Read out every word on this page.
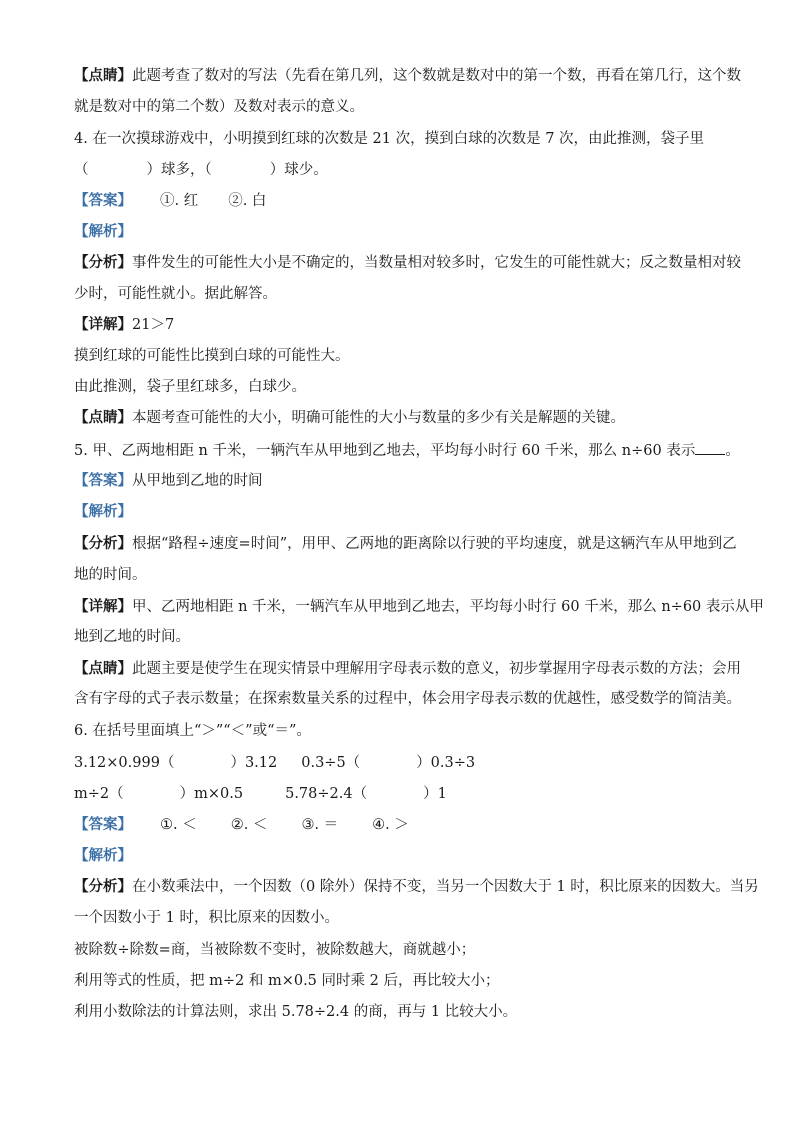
【点睛】此题考查了数对的写法（先看在第几列，这个数就是数对中的第一个数，再看在第几行，这个数
就是数对中的第二个数）及数对表示的意义。
4. 在一次摸球游戏中，小明摸到红球的次数是 21 次，摸到白球的次数是 7 次，由此推测，袋子里
（	）球多，（	）球少。
【答案】 ①. 红 ②. 白
【解析】
【分析】事件发生的可能性大小是不确定的，当数量相对较多时，它发生的可能性就大；反之数量相对较
少时，可能性就小。据此解答。
【详解】21＞7
摸到红球的可能性比摸到白球的可能性大。
由此推测，袋子里红球多，白球少。
【点睛】本题考查可能性的大小，明确可能性的大小与数量的多少有关是解题的关键。
5. 甲、乙两地相距 n 千米，一辆汽车从甲地到乙地去，平均每小时行 60 千米，那么 n÷60 表示 。
【答案】从甲地到乙地的时间
【解析】
【分析】根据“路程÷速度=时间”，用甲、乙两地的距离除以行驶的平均速度，就是这辆汽车从甲地到乙
地的时间。
【详解】甲、乙两地相距 n 千米，一辆汽车从甲地到乙地去，平均每小时行 60 千米，那么 n÷60 表示从甲
地到乙地的时间。
【点睛】此题主要是使学生在现实情景中理解用字母表示数的意义，初步掌握用字母表示数的方法；会用
含有字母的式子表示数量；在探索数量关系的过程中，体会用字母表示数的优越性，感受数学的简洁美。
6. 在括号里面填上“＞”“＜”或“＝”。
3.12×0.999（	）3.12 0.3÷5（	）0.3÷3
m÷2（	）m×0.5	5.78÷2.4（	）1
【答案】 ①. ＜ ②. ＜ ③. ＝ ④. ＞
【解析】
【分析】在小数乘法中，一个因数（0 除外）保持不变，当另一个因数大于 1 时，积比原来的因数大。当另
一个因数小于 1 时，积比原来的因数小。
被除数÷除数=商，当被除数不变时，被除数越大，商就越小；
利用等式的性质，把 m÷2 和 m×0.5 同时乘 2 后，再比较大小；
利用小数除法的计算法则，求出 5.78÷2.4 的商，再与 1 比较大小。
